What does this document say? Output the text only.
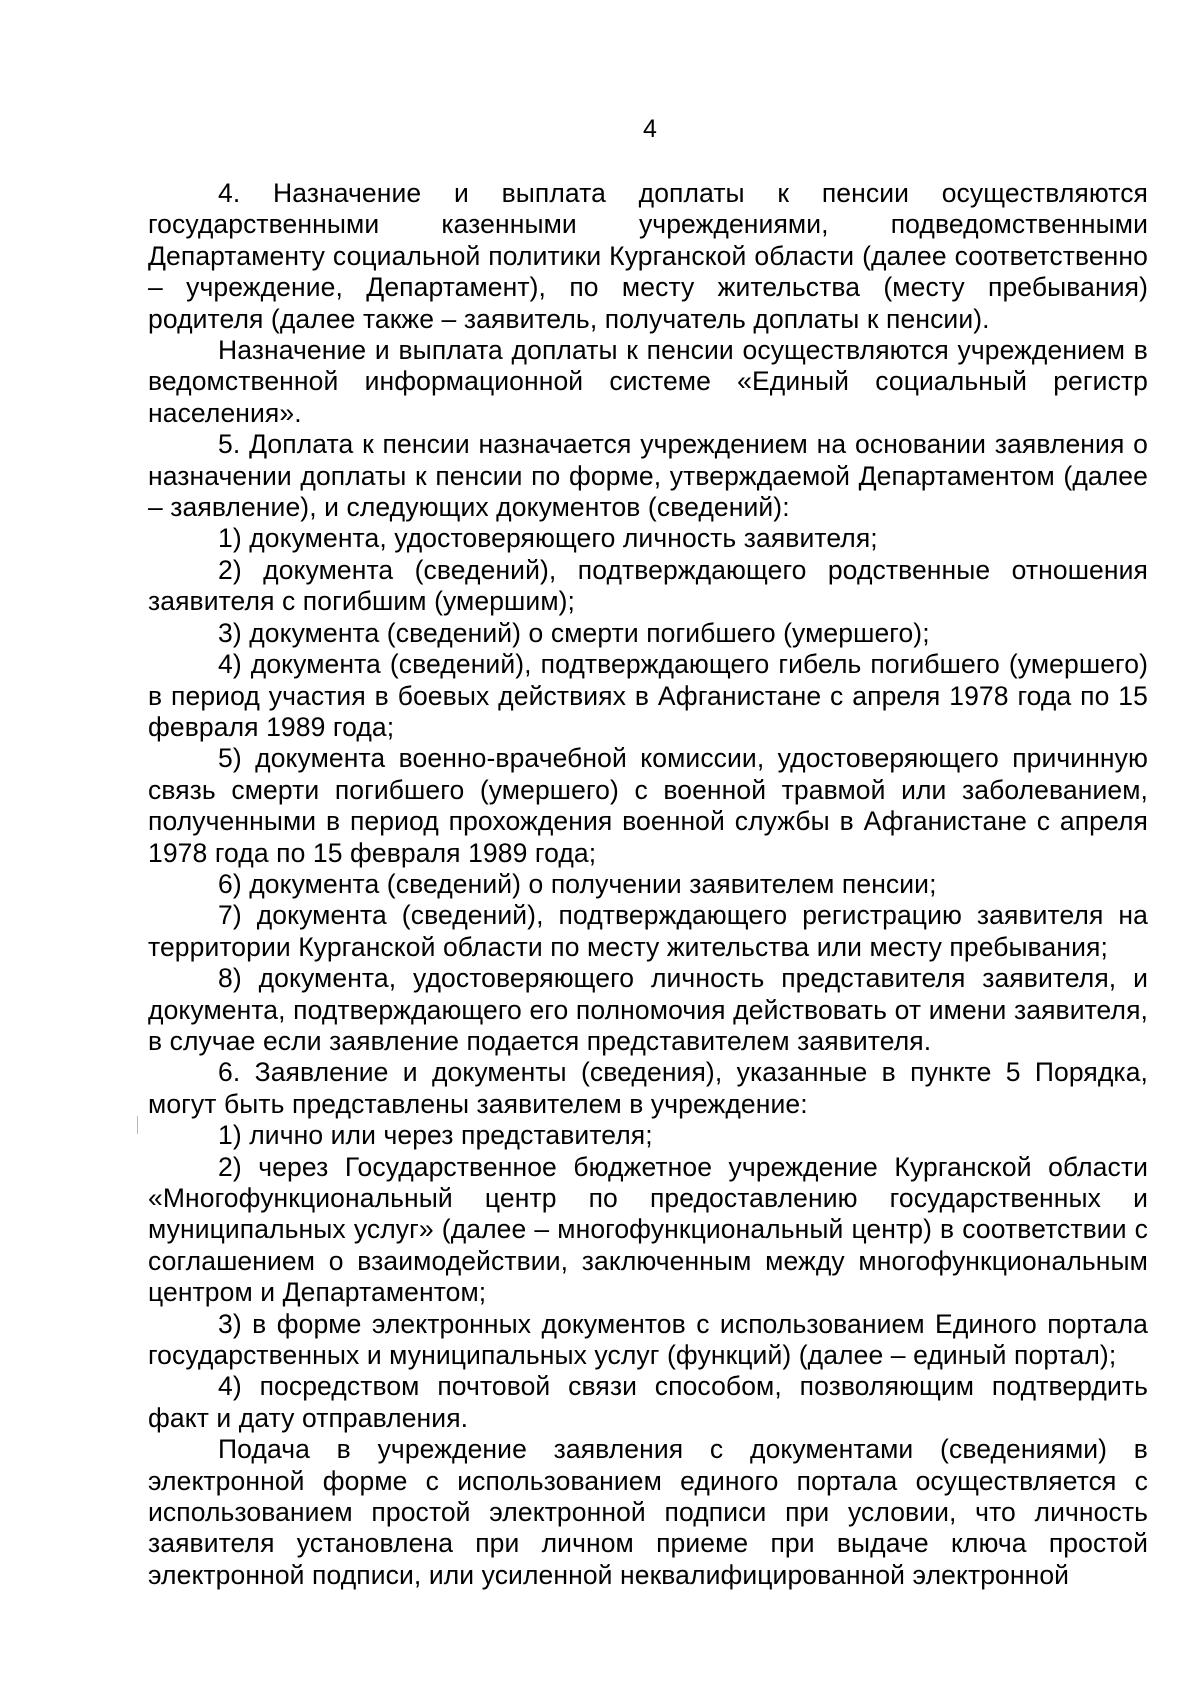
4

4. Назначение и выплата доплаты к пенсии осуществляются государственными казенными учреждениями, подведомственными Департаменту социальной политики Курганской области (далее соответственно – учреждение, Департамент), по месту жительства (месту пребывания) родителя (далее также – заявитель, получатель доплаты к пенсии).

Назначение и выплата доплаты к пенсии осуществляются учреждением в ведомственной информационной системе «Единый социальный регистр населения».

5. Доплата к пенсии назначается учреждением на основании заявления о назначении доплаты к пенсии по форме, утверждаемой Департаментом (далее – заявление), и следующих документов (сведений):

1) документа, удостоверяющего личность заявителя;

2) документа (сведений), подтверждающего родственные отношения заявителя с погибшим (умершим);

3) документа (сведений) о смерти погибшего (умершего);

4) документа (сведений), подтверждающего гибель погибшего (умершего) в период участия в боевых действиях в Афганистане с апреля 1978 года по 15 февраля 1989 года;

5) документа военно-врачебной комиссии, удостоверяющего причинную связь смерти погибшего (умершего) с военной травмой или заболеванием, полученными в период прохождения военной службы в Афганистане с апреля 1978 года по 15 февраля 1989 года;

6) документа (сведений) о получении заявителем пенсии;

7) документа (сведений), подтверждающего регистрацию заявителя на территории Курганской области по месту жительства или месту пребывания;

8) документа, удостоверяющего личность представителя заявителя, и документа, подтверждающего его полномочия действовать от имени заявителя, в случае если заявление подается представителем заявителя.

6. Заявление и документы (сведения), указанные в пункте 5 Порядка, могут быть представлены заявителем в учреждение:

1) лично или через представителя;

2) через Государственное бюджетное учреждение Курганской области «Многофункциональный центр по предоставлению государственных и муниципальных услуг» (далее – многофункциональный центр) в соответствии с соглашением о взаимодействии, заключенным между многофункциональным центром и Департаментом;

3) в форме электронных документов с использованием Единого портала государственных и муниципальных услуг (функций) (далее – единый портал);

4) посредством почтовой связи способом, позволяющим подтвердить факт и дату отправления.

Подача в учреждение заявления с документами (сведениями) в электронной форме с использованием единого портала осуществляется с использованием простой электронной подписи при условии, что личность заявителя установлена при личном приеме при выдаче ключа простой электронной подписи, или усиленной неквалифицированной электронной
